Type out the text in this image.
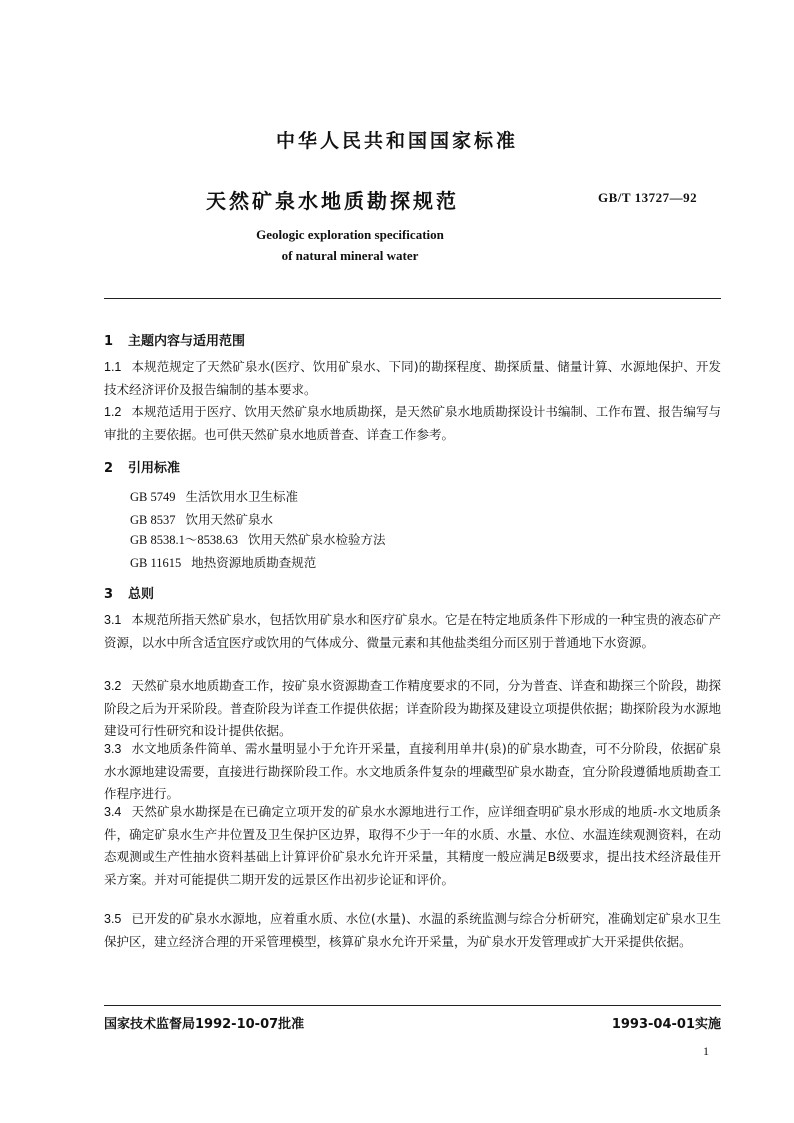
中华人民共和国国家标准
天然矿泉水地质勘探规范	GB/T 13727—92
Geologic exploration specification
of natural mineral water
1 主题内容与适用范围
1.1 本规范规定了天然矿泉水(医疗、饮用矿泉水、下同)的勘探程度、勘探质量、储量计算、水源地保护、开发技术经济评价及报告编制的基本要求。
1.2 本规范适用于医疗、饮用天然矿泉水地质勘探，是天然矿泉水地质勘探设计书编制、工作布置、报告编写与审批的主要依据。也可供天然矿泉水地质普查、详查工作参考。
2 引用标准
GB 5749 生活饮用水卫生标准
GB 8537 饮用天然矿泉水
GB 8538.1～8538.63 饮用天然矿泉水检验方法
GB 11615 地热资源地质勘查规范
3 总则
3.1 本规范所指天然矿泉水，包括饮用矿泉水和医疗矿泉水。它是在特定地质条件下形成的一种宝贵的液态矿产资源，以水中所含适宜医疗或饮用的气体成分、微量元素和其他盐类组分而区别于普通地下水资源。
3.2 天然矿泉水地质勘查工作，按矿泉水资源勘查工作精度要求的不同，分为普查、详查和勘探三个阶段，勘探阶段之后为开采阶段。普查阶段为详查工作提供依据；详查阶段为勘探及建设立项提供依据；勘探阶段为水源地建设可行性研究和设计提供依据。
3.3 水文地质条件简单、需水量明显小于允许开采量，直接利用单井(泉)的矿泉水勘查，可不分阶段，依据矿泉水水源地建设需要，直接进行勘探阶段工作。水文地质条件复杂的埋藏型矿泉水勘查，宜分阶段遵循地质勘查工作程序进行。
3.4 天然矿泉水勘探是在已确定立项开发的矿泉水水源地进行工作，应详细查明矿泉水形成的地质-水文地质条件，确定矿泉水生产井位置及卫生保护区边界，取得不少于一年的水质、水量、水位、水温连续观测资料，在动态观测或生产性抽水资料基础上计算评价矿泉水允许开采量，其精度一般应满足B级要求，提出技术经济最佳开采方案。并对可能提供二期开发的远景区作出初步论证和评价。
3.5 已开发的矿泉水水源地，应着重水质、水位(水量)、水温的系统监测与综合分析研究，准确划定矿泉水卫生保护区，建立经济合理的开采管理模型，核算矿泉水允许开采量，为矿泉水开发管理或扩大开采提供依据。
国家技术监督局1992-10-07批准	1993-04-01实施
1
